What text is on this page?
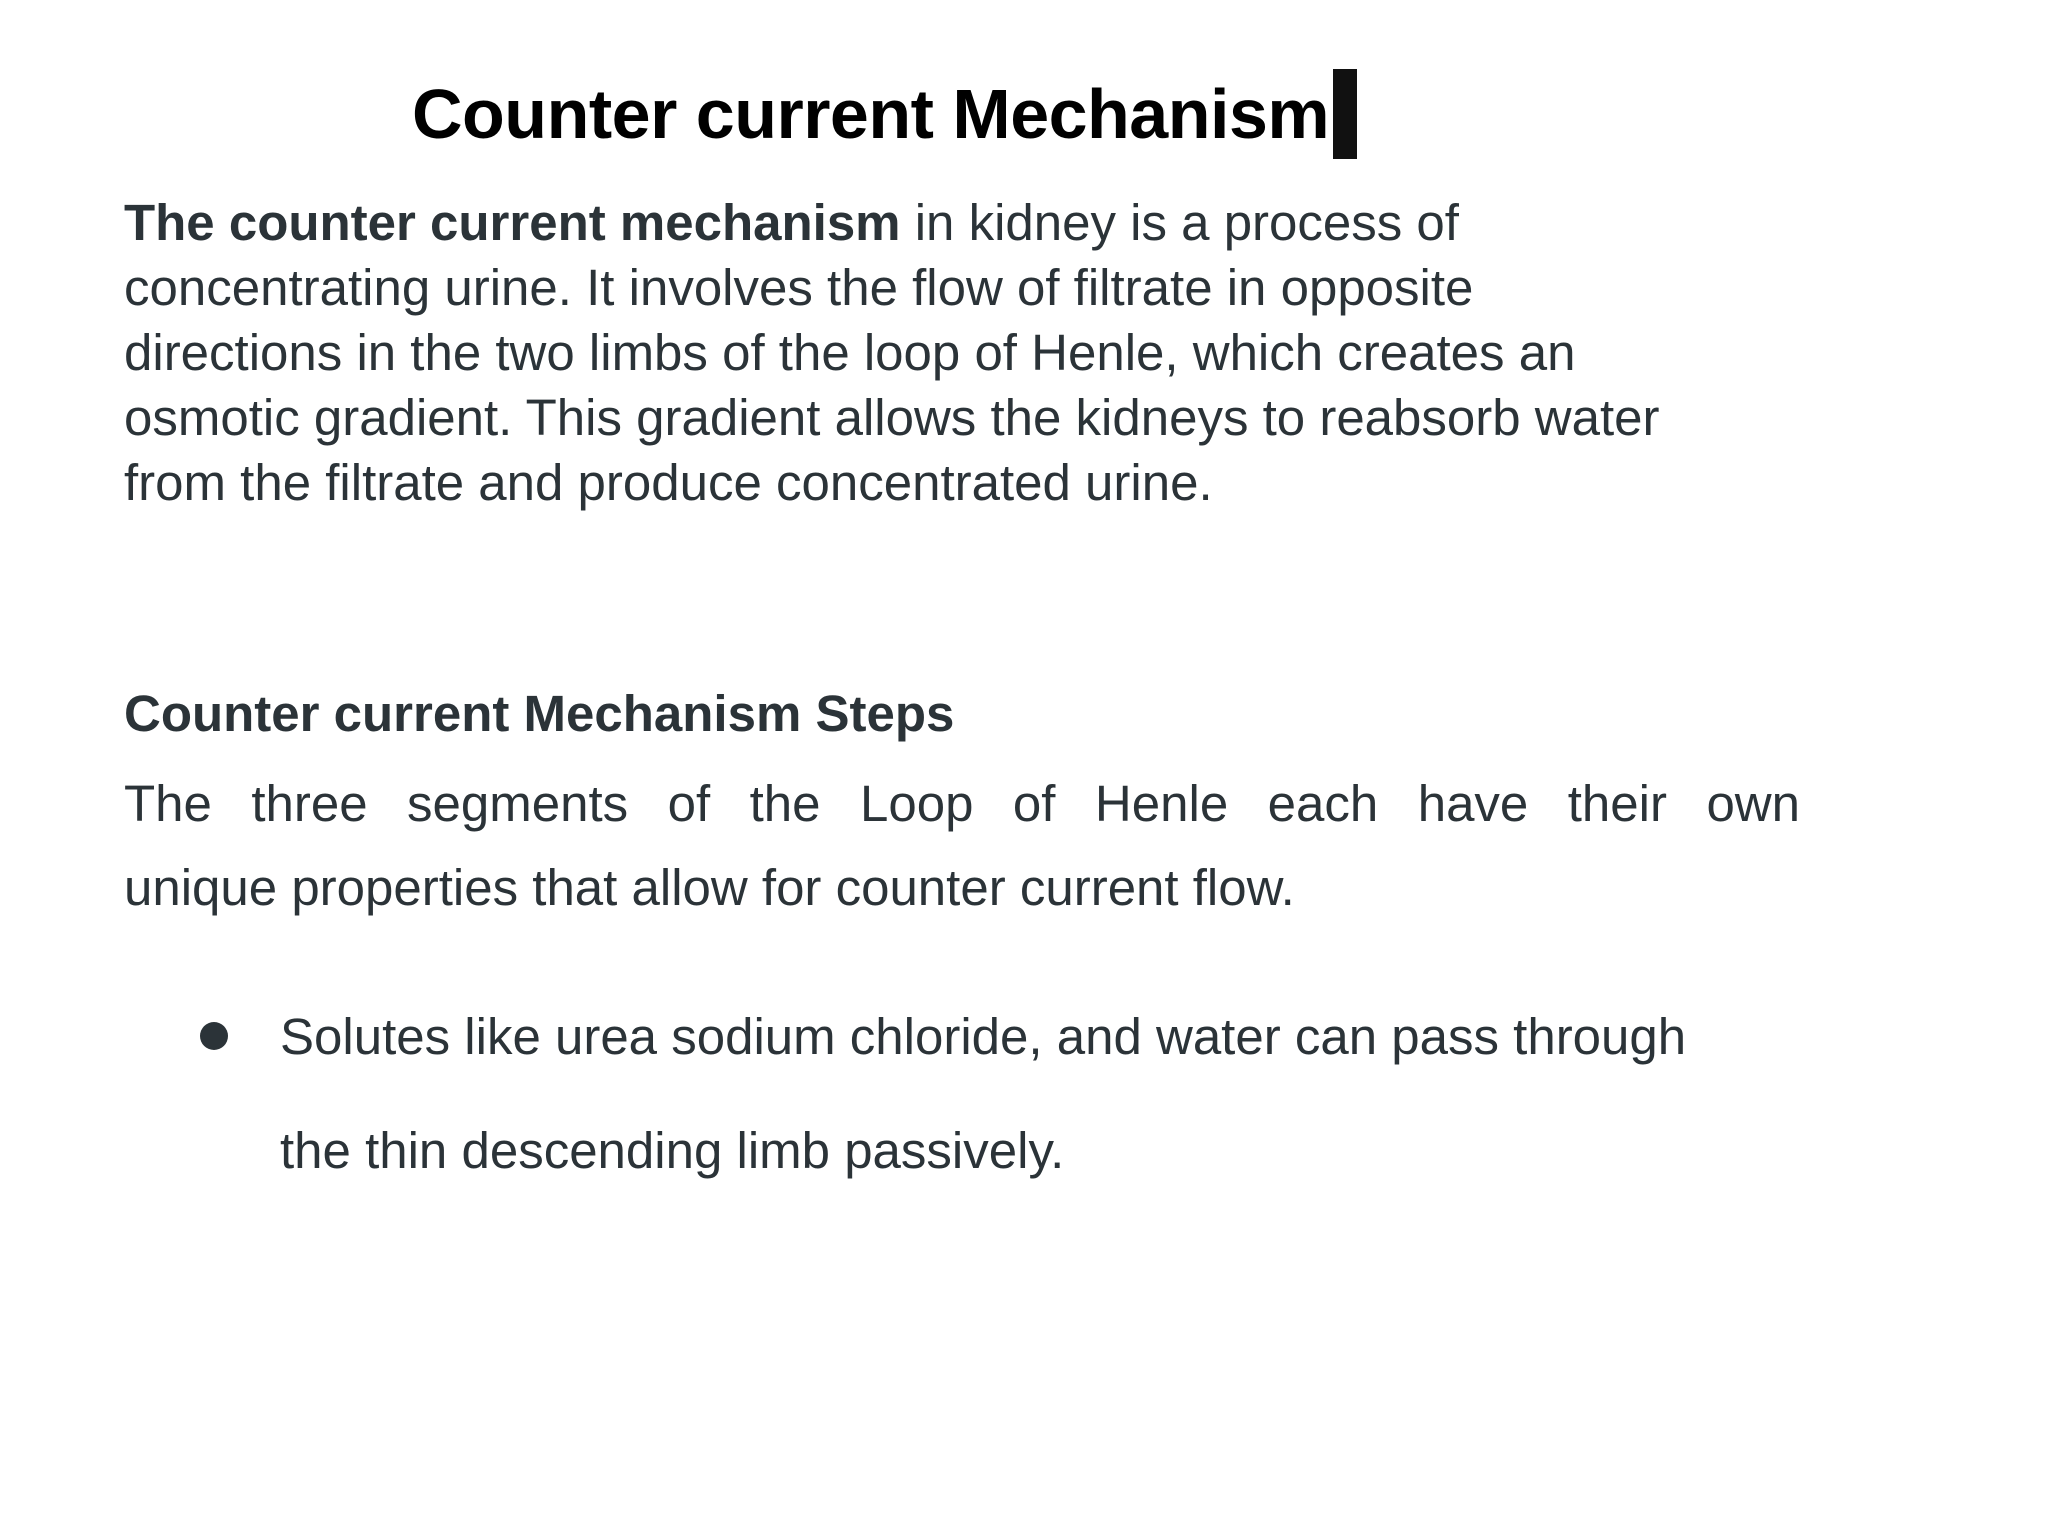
Counter current Mechanism
The counter current mechanism in kidney is a process of
concentrating urine. It involves the flow of filtrate in opposite
directions in the two limbs of the loop of Henle, which creates an
osmotic gradient. This gradient allows the kidneys to reabsorb water
from the filtrate and produce concentrated urine.
Counter current Mechanism Steps
The three segments of the Loop of Henle each have their own
unique properties that allow for counter current flow.
Solutes like urea sodium chloride, and water can pass through
the thin descending limb passively.
